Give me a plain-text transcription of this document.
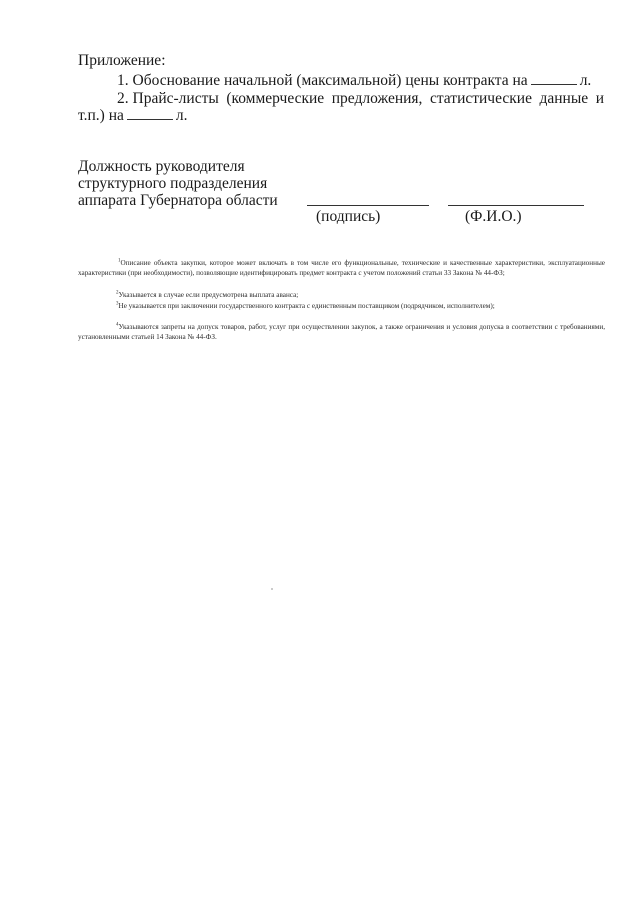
Приложение:
1. Обоснование начальной (максимальной) цены контракта на	л.
2. Прайс-листы (коммерческие предложения, статистические данные и
т.п.) на	л.
Должность руководителя
структурного подразделения
аппарата Губернатора области
(подпись)	(Ф.И.О.)
$^1$Описание объекта закупки, которое может включать в том числе его функциональные, технические и качественные характеристики, эксплуатационные характеристики (при необходимости), позволяющие идентифицировать предмет контракта с учетом положений статьи 33 Закона № 44-ФЗ;
$^2$Указывается в случае если предусмотрена выплата аванса;
$^3$Не указывается при заключении государственного контракта с единственным поставщиком (подрядчиком, исполнителем);
$^4$Указываются запреты на допуск товаров, работ, услуг при осуществлении закупок, а также ограничения и условия допуска в соответствии с требованиями, установленными статьей 14 Закона № 44-ФЗ.
